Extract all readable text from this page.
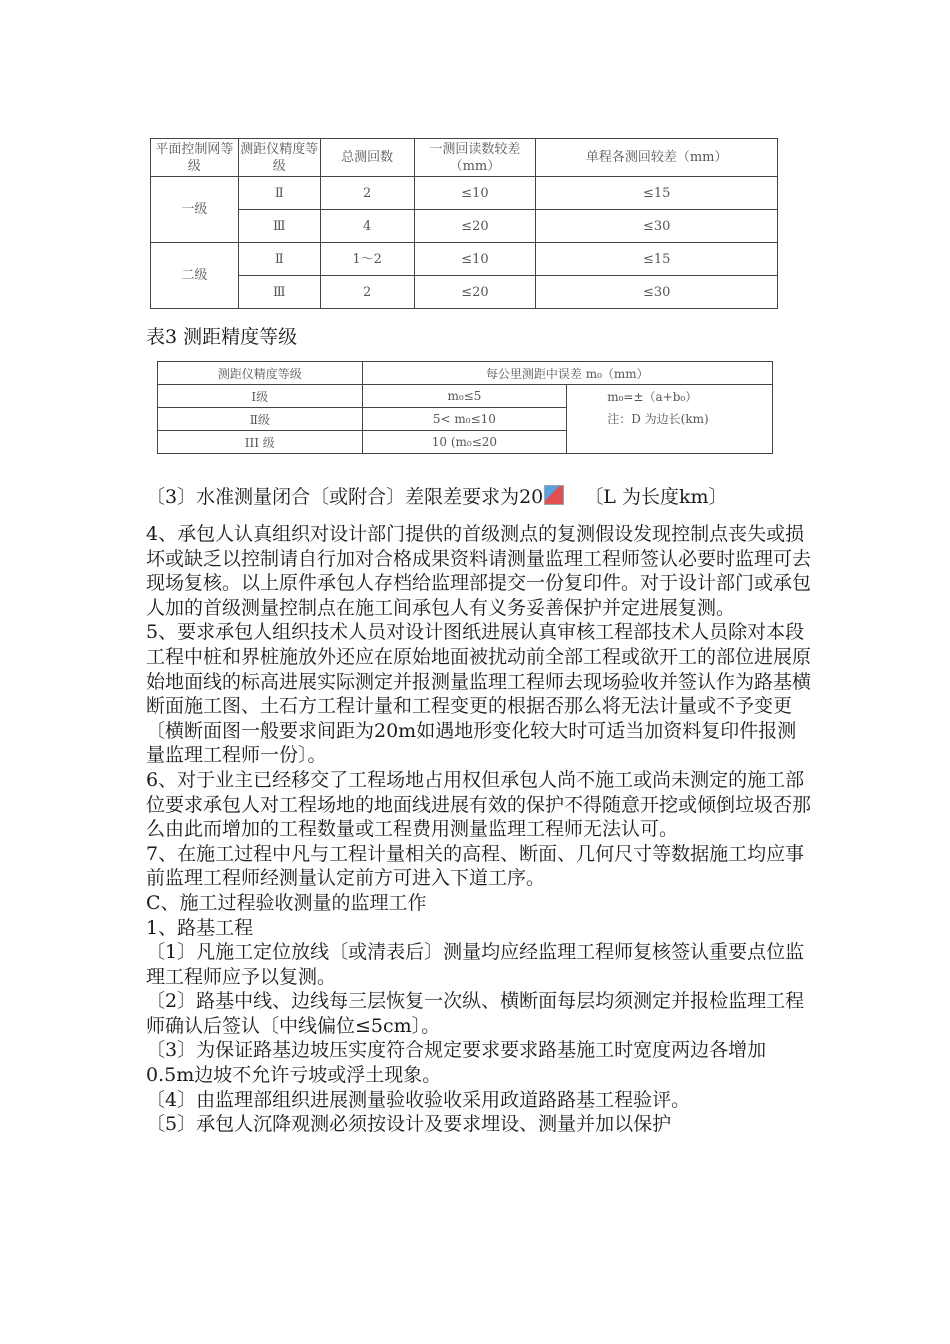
平面控制网等级	测距仪精度等级	总测回数	一测回读数较差（mm）	单程各测回较差（mm）
一级	Ⅱ	2	≤10	≤15
	Ⅲ	4	≤20	≤30
二级	Ⅱ	1～2	≤10	≤15
	Ⅲ	2	≤20	≤30
表3 测距精度等级
测距仪精度等级	每公里测距中误差 m₀（mm）	
Ⅰ级	m₀≤5	m₀=±（a+b₀）
注：D 为边长(km)

Ⅱ级	5< m₀≤10	
III 级	10 (m₀≤20	
〔3〕水准测量闭合〔或附合〕差限差要求为20 〔L 为长度km〕

4、承包人认真组织对设计部门提供的首级测点的复测假设发现控制点丧失或损坏或缺乏以控制请自行加对合格成果资料请测量监理工程师签认必要时监理可去现场复核。以上原件承包人存档给监理部提交一份复印件。对于设计部门或承包人加的首级测量控制点在施工间承包人有义务妥善保护并定进展复测。

5、要求承包人组织技术人员对设计图纸进展认真审核工程部技术人员除对本段工程中桩和界桩施放外还应在原始地面被扰动前全部工程或欲开工的部位进展原始地面线的标高进展实际测定并报测量监理工程师去现场验收并签认作为路基横断面施工图、土石方工程计量和工程变更的根据否那么将无法计量或不予变更〔横断面图一般要求间距为20m如遇地形变化较大时可适当加资料复印件报测量监理工程师一份〕。

6、对于业主已经移交了工程场地占用权但承包人尚不施工或尚未测定的施工部位要求承包人对工程场地的地面线进展有效的保护不得随意开挖或倾倒垃圾否那么由此而增加的工程数量或工程费用测量监理工程师无法认可。

7、在施工过程中凡与工程计量相关的高程、断面、几何尺寸等数据施工均应事前监理工程师经测量认定前方可进入下道工序。

C、施工过程验收测量的监理工作

1、路基工程

〔1〕凡施工定位放线〔或清表后〕测量均应经监理工程师复核签认重要点位监理工程师应予以复测。

〔2〕路基中线、边线每三层恢复一次纵、横断面每层均须测定并报检监理工程师确认后签认〔中线偏位≤5cm〕。

〔3〕为保证路基边坡压实度符合规定要求要求路基施工时宽度两边各增加0.5m边坡不允许亏坡或浮土现象。

〔4〕由监理部组织进展测量验收验收采用政道路路基工程验评。

〔5〕承包人沉降观测必须按设计及要求埋设、测量并加以保护
